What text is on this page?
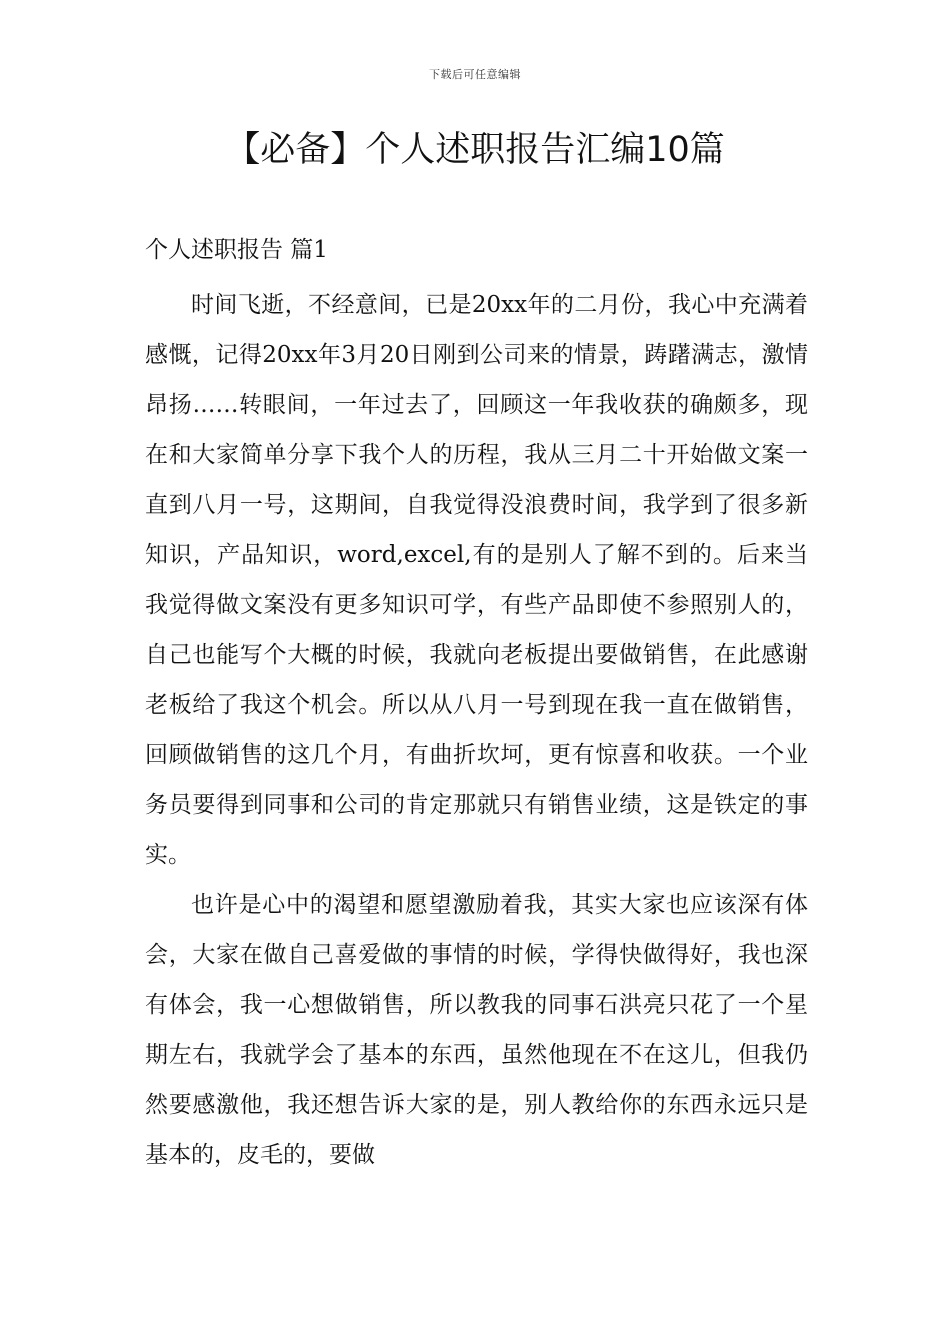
下载后可任意编辑
【必备】个人述职报告汇编10篇
个人述职报告 篇1

时间飞逝，不经意间，已是20xx年的二月份，我心中充满着感慨，记得20xx年3月20日刚到公司来的情景，踌躇满志，激情昂扬……转眼间，一年过去了，回顾这一年我收获的确颇多，现在和大家简单分享下我个人的历程，我从三月二十开始做文案一直到八月一号，这期间，自我觉得没浪费时间，我学到了很多新知识，产品知识，word,excel,有的是别人了解不到的。后来当我觉得做文案没有更多知识可学，有些产品即使不参照别人的，自己也能写个大概的时候，我就向老板提出要做销售，在此感谢老板给了我这个机会。所以从八月一号到现在我一直在做销售，回顾做销售的这几个月，有曲折坎坷，更有惊喜和收获。一个业务员要得到同事和公司的肯定那就只有销售业绩，这是铁定的事实。

也许是心中的渴望和愿望激励着我，其实大家也应该深有体会，大家在做自己喜爱做的事情的时候，学得快做得好，我也深有体会，我一心想做销售，所以教我的同事石洪亮只花了一个星期左右，我就学会了基本的东西，虽然他现在不在这儿，但我仍然要感激他，我还想告诉大家的是，别人教给你的东西永远只是基本的，皮毛的，要做
